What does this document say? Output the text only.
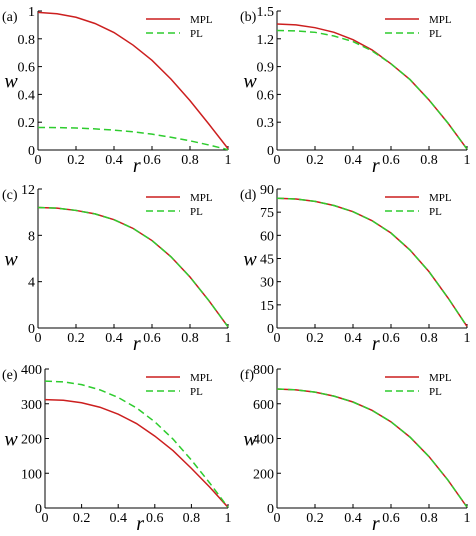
0 0.2 0.4 0.6 0.8 1
0
0.2
0.4
0.6
0.8
1
r
w
(a)	MPL
PL
0 0.2 0.4 0.6 0.8 1
0
0.3
0.6
0.9
1.2
1.5
r
w
(b)	MPL
PL
0 0.2 0.4 0.6 0.8 1
0
4
8
12
r
w
(c)	MPL
PL
0 0.2 0.4 0.6 0.8 1
0
15
30
45
60
75
90
r
w
(d)	MPL
PL
0 0.2 0.4 0.6 0.8 1
0
100
200
300
400
r
w
(e)	MPL
PL
0 0.2 0.4 0.6 0.8 1
0
200
400
600
800
r
w
(f)	MPL
PL
